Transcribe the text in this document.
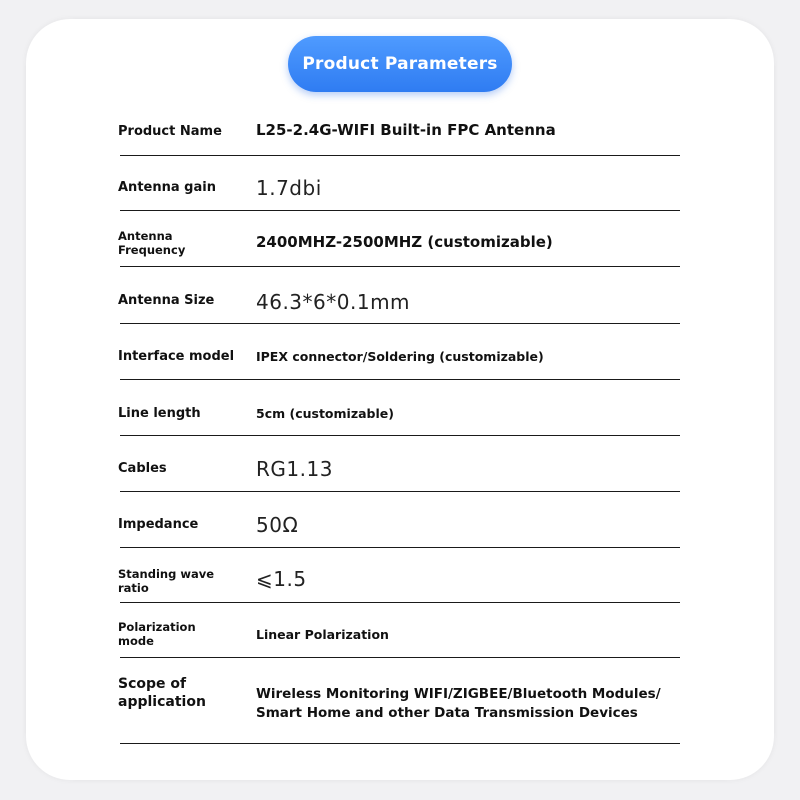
Product Parameters
Product Name	L25-2.4G-WIFI Built-in FPC Antenna
Antenna gain	1.7dbi
Antenna Frequency	2400MHZ-2500MHZ (customizable)
Antenna Size	46.3*6*0.1mm
Interface model	IPEX connector/Soldering (customizable)
Line length	5cm (customizable)
Cables	RG1.13
Impedance	50Ω
Standing wave ratio	⩽1.5
Polarization mode	Linear Polarization
Scope of application	Wireless Monitoring WIFI/ZIGBEE/Bluetooth Modules/ Smart Home and other Data Transmission Devices
